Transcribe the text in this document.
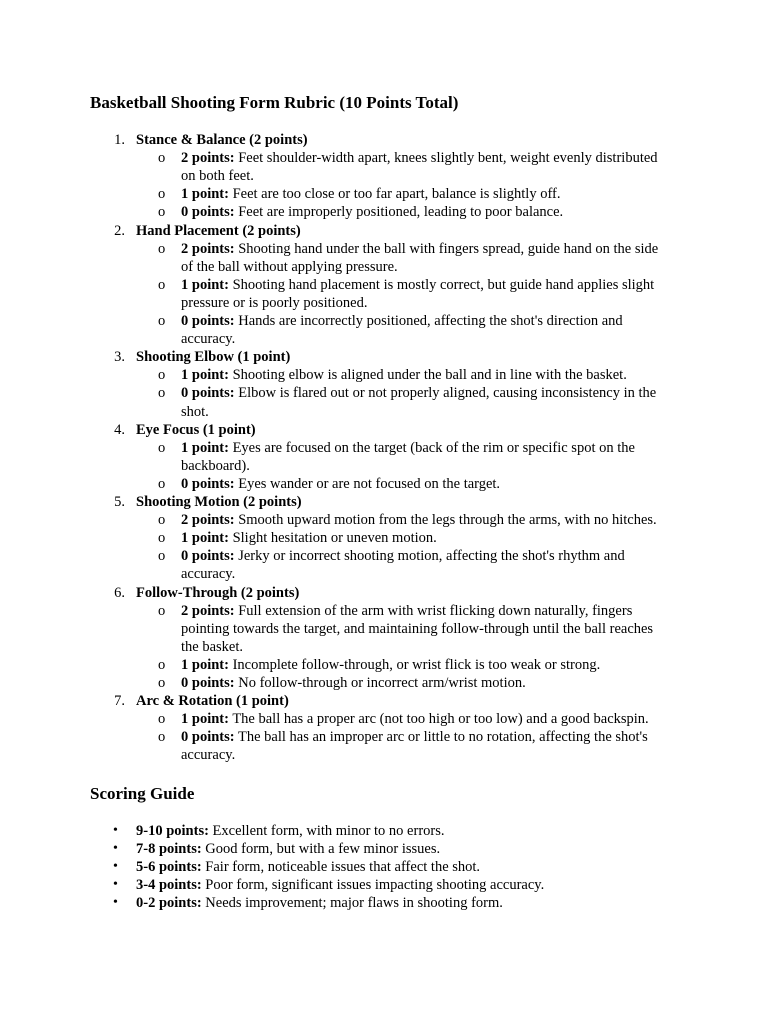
Basketball Shooting Form Rubric (10 Points Total)
1. Stance & Balance (2 points)
o 2 points: Feet shoulder-width apart, knees slightly bent, weight evenly distributed
on both feet.
o 1 point: Feet are too close or too far apart, balance is slightly off.
o 0 points: Feet are improperly positioned, leading to poor balance.
2. Hand Placement (2 points)
o 2 points: Shooting hand under the ball with fingers spread, guide hand on the side
of the ball without applying pressure.
o 1 point: Shooting hand placement is mostly correct, but guide hand applies slight
pressure or is poorly positioned.
o 0 points: Hands are incorrectly positioned, affecting the shot's direction and
accuracy.
3. Shooting Elbow (1 point)
o 1 point: Shooting elbow is aligned under the ball and in line with the basket.
o 0 points: Elbow is flared out or not properly aligned, causing inconsistency in the
shot.
4. Eye Focus (1 point)
o 1 point: Eyes are focused on the target (back of the rim or specific spot on the
backboard).
o 0 points: Eyes wander or are not focused on the target.
5. Shooting Motion (2 points)
o 2 points: Smooth upward motion from the legs through the arms, with no hitches.
o 1 point: Slight hesitation or uneven motion.
o 0 points: Jerky or incorrect shooting motion, affecting the shot's rhythm and
accuracy.
6. Follow-Through (2 points)
o 2 points: Full extension of the arm with wrist flicking down naturally, fingers
pointing towards the target, and maintaining follow-through until the ball reaches
the basket.
o 1 point: Incomplete follow-through, or wrist flick is too weak or strong.
o 0 points: No follow-through or incorrect arm/wrist motion.
7. Arc & Rotation (1 point)
o 1 point: The ball has a proper arc (not too high or too low) and a good backspin.
o 0 points: The ball has an improper arc or little to no rotation, affecting the shot's
accuracy.
Scoring Guide
• 9-10 points: Excellent form, with minor to no errors.
• 7-8 points: Good form, but with a few minor issues.
• 5-6 points: Fair form, noticeable issues that affect the shot.
• 3-4 points: Poor form, significant issues impacting shooting accuracy.
• 0-2 points: Needs improvement; major flaws in shooting form.
